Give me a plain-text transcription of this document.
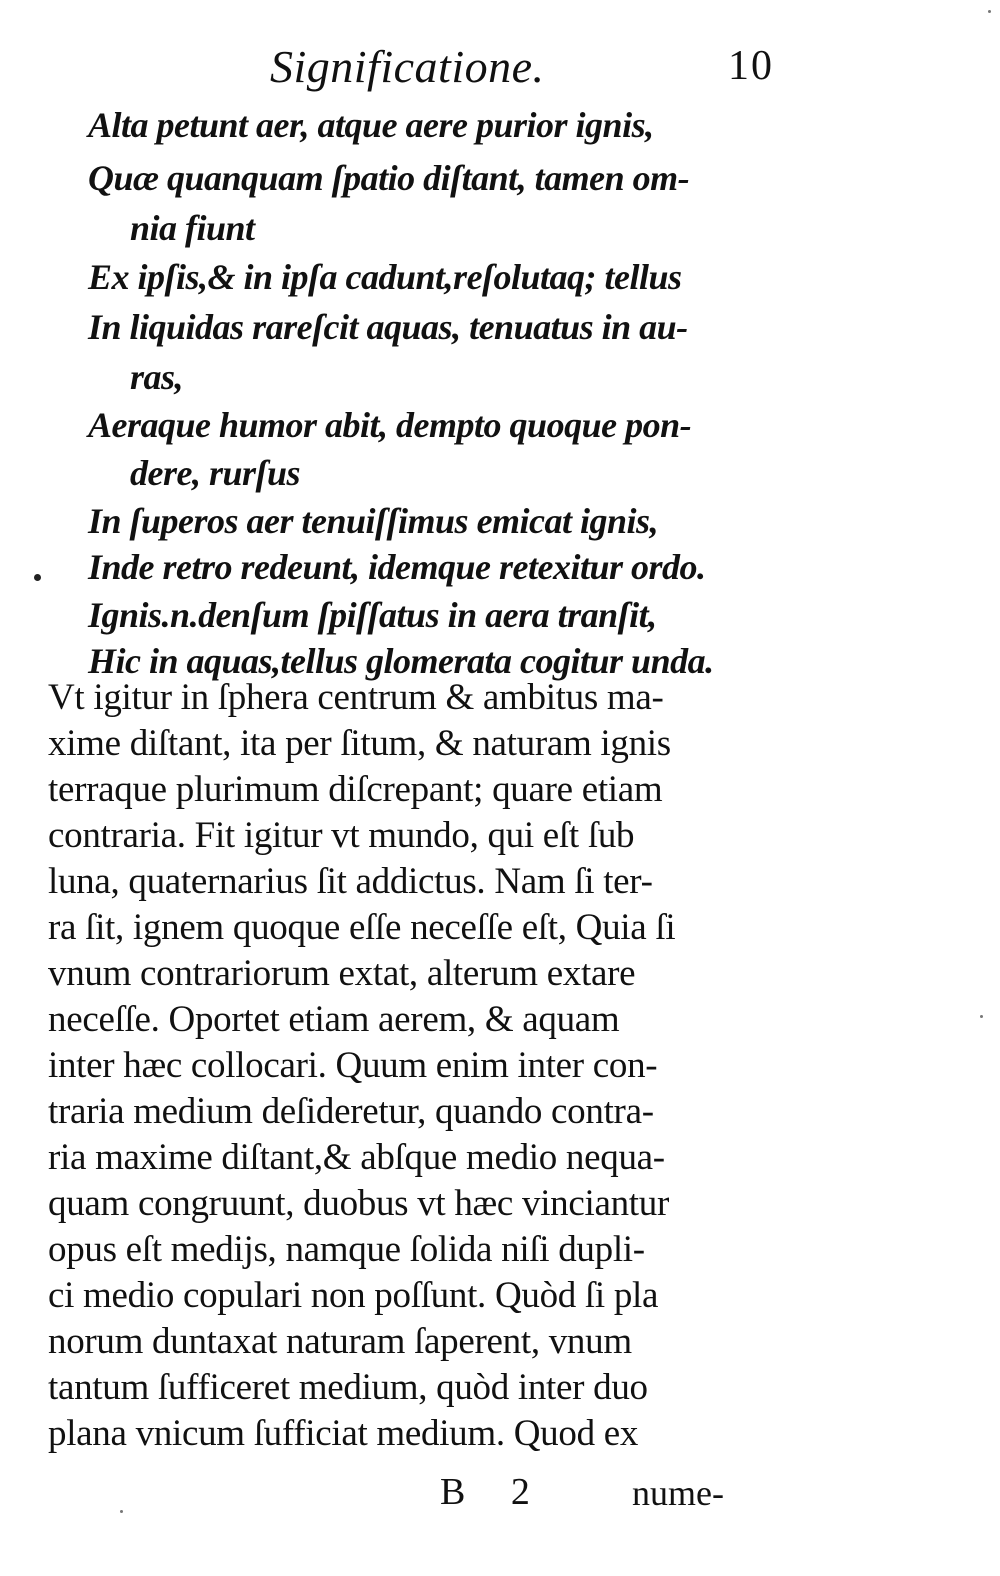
Significatione.	10
Alta petunt aer, atque aere purior ignis,
Quæ quanquam ſpatio diſtant, tamen om-
nia fiunt
Ex ipſis,& in ipſa cadunt,reſolutaq; tellus
In liquidas rareſcit aquas, tenuatus in au-
ras,
Aeraque humor abit, dempto quoque pon-
dere, rurſus
In ſuperos aer tenuiſſimus emicat ignis,
Inde retro redeunt, idemque retexitur ordo.
Ignis.n.denſum ſpiſſatus in aera tranſit,
Hic in aquas,tellus glomerata cogitur unda.
Vt igitur in ſphera centrum & ambitus ma-
xime diſtant, ita per ſitum, & naturam ignis
terraque plurimum diſcrepant; quare etiam
contraria. Fit igitur vt mundo, qui eſt ſub
luna, quaternarius ſit addictus. Nam ſi ter-
ra ſit, ignem quoque eſſe neceſſe eſt, Quia ſi
vnum contrariorum extat, alterum extare
neceſſe. Oportet etiam aerem, & aquam
inter hæc collocari. Quum enim inter con-
traria medium deſideretur, quando contra-
ria maxime diſtant,& abſque medio nequa-
quam congruunt, duobus vt hæc vinciantur
opus eſt medijs, namque ſolida niſi dupli-
ci medio copulari non poſſunt. Quòd ſi pla
norum duntaxat naturam ſaperent, vnum
tantum ſufficeret medium, quòd inter duo
plana vnicum ſufficiat medium. Quod ex
B 2 nume-
